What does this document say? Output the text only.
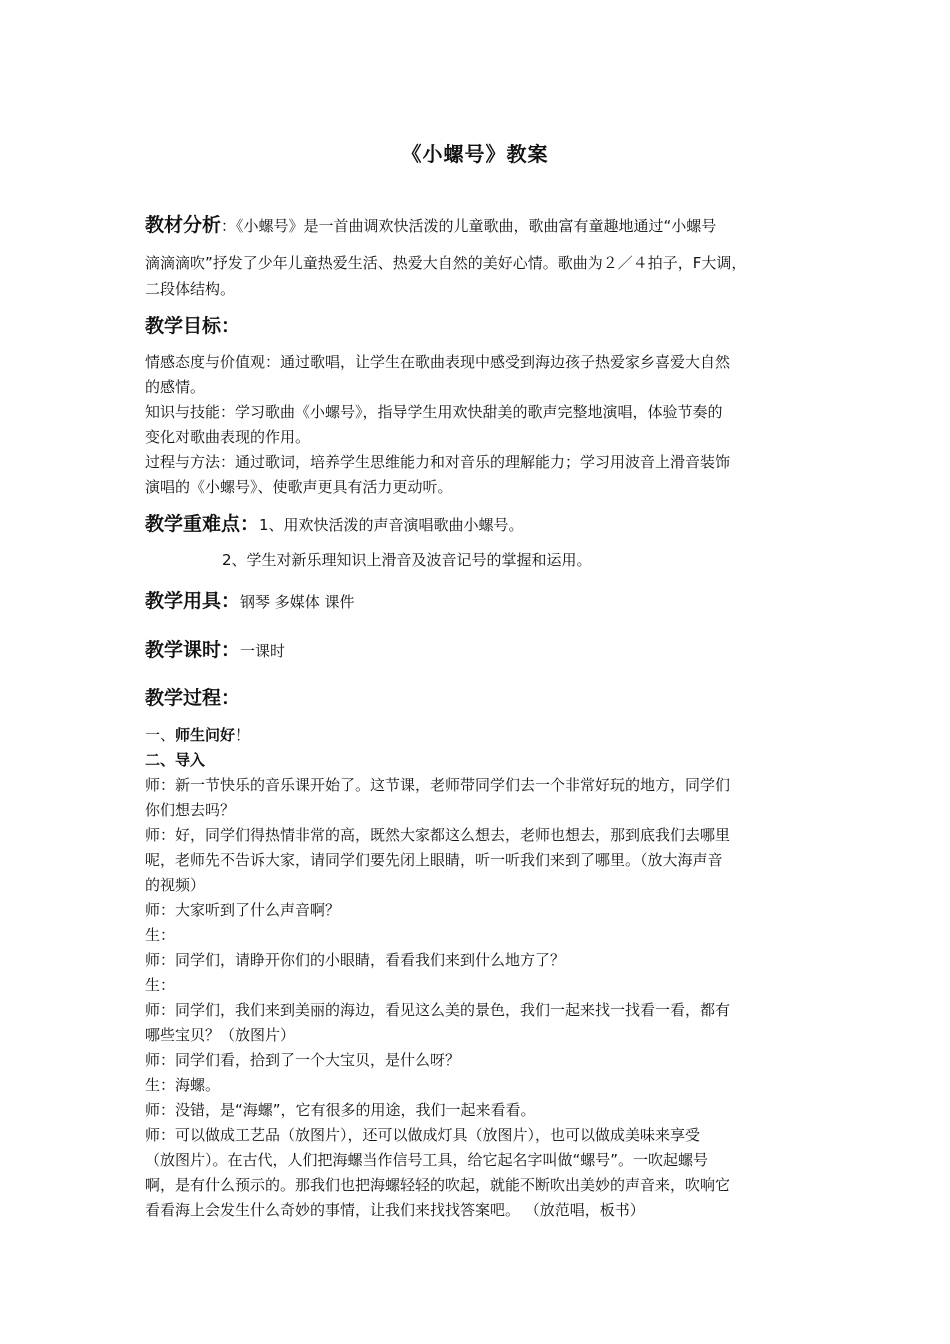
《小螺号》教案
教材分析：《小螺号》是一首曲调欢快活泼的儿童歌曲，歌曲富有童趣地通过“小螺号
滴滴滴吹”抒发了少年儿童热爱生活、热爱大自然的美好心情。歌曲为２／４拍子，F大调，
二段体结构。
教学目标：
情感态度与价值观：通过歌唱，让学生在歌曲表现中感受到海边孩子热爱家乡喜爱大自然
的感情。
知识与技能：学习歌曲《小螺号》，指导学生用欢快甜美的歌声完整地演唱，体验节奏的
变化对歌曲表现的作用。
过程与方法：通过歌词，培养学生思维能力和对音乐的理解能力；学习用波音上滑音装饰
演唱的《小螺号》、使歌声更具有活力更动听。
教学重难点：1、用欢快活泼的声音演唱歌曲小螺号。
2、学生对新乐理知识上滑音及波音记号的掌握和运用。
教学用具：钢琴 多媒体 课件
教学课时：一课时
教学过程：
一、师生问好！
二、导入
师：新一节快乐的音乐课开始了。这节课，老师带同学们去一个非常好玩的地方，同学们
你们想去吗？
师：好，同学们得热情非常的高，既然大家都这么想去，老师也想去，那到底我们去哪里
呢，老师先不告诉大家，请同学们要先闭上眼睛，听一听我们来到了哪里。（放大海声音
的视频）
师：大家听到了什么声音啊？
生：
师：同学们，请睁开你们的小眼睛，看看我们来到什么地方了？
生：
师：同学们，我们来到美丽的海边，看见这么美的景色，我们一起来找一找看一看，都有
哪些宝贝？（放图片）
师：同学们看，拾到了一个大宝贝，是什么呀？
生：海螺。
师：没错，是“海螺”，它有很多的用途，我们一起来看看。
师：可以做成工艺品（放图片），还可以做成灯具（放图片），也可以做成美味来享受
（放图片）。在古代，人们把海螺当作信号工具，给它起名字叫做“螺号”。一吹起螺号
啊，是有什么预示的。那我们也把海螺轻轻的吹起，就能不断吹出美妙的声音来，吹响它
看看海上会发生什么奇妙的事情，让我们来找找答案吧。 （放范唱，板书）
